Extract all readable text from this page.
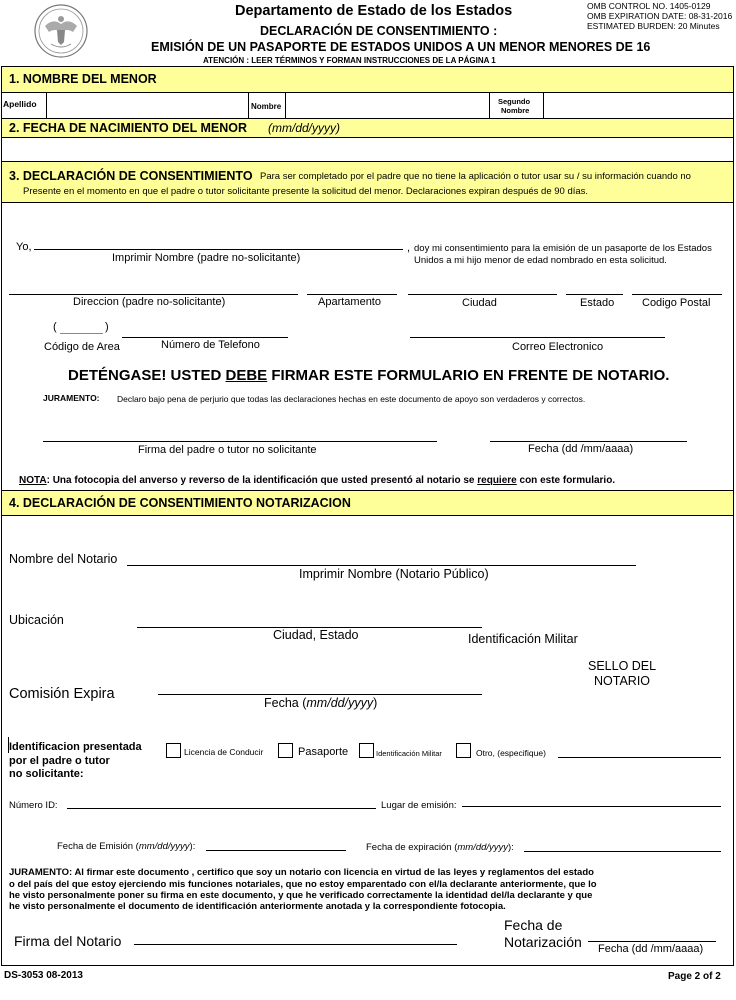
Departamento de Estado de los Estados
DECLARACIÓN DE CONSENTIMIENTO :
EMISIÓN DE UN PASAPORTE DE ESTADOS UNIDOS A UN MENOR MENORES DE 16
ATENCIÓN : LEER TÉRMINOS Y FORMAN INSTRUCCIONES DE LA PÁGINA 1
OMB CONTROL NO. 1405-0129
OMB EXPIRATION DATE: 08-31-2016
ESTIMATED BURDEN: 20 Minutes
1. NOMBRE DEL MENOR
Apellido	Nombre
Segundo
Nombre
2. FECHA DE NACIMIENTO DEL MENOR (mm/dd/yyyy)
3. DECLARACIÓN DE CONSENTIMIENTO Para ser completado por el padre que no tiene la aplicación o tutor usar su / su información cuando no
Presente en el momento en que el padre o tutor solicitante presente la solicitud del menor. Declaraciones expiran después de 90 días.
Yo,
Imprimir Nombre (padre no-solicitante)
, doy mi consentimiento para la emisión de un pasaporte de los Estados
Unidos a mi hijo menor de edad nombrado en esta solicitud.
Direccion (padre no-solicitante)	Apartamento	Ciudad	Estado	Codigo Postal
(	)
Código de Area	Número de Telefono	Correo Electronico
DETÉNGASE! USTED DEBE FIRMAR ESTE FORMULARIO EN FRENTE DE NOTARIO.
JURAMENTO: Declaro bajo pena de perjurio que todas las declaraciones hechas en este documento de apoyo son verdaderos y correctos.
Firma del padre o tutor no solicitante	Fecha (dd /mm/aaaa)
NOTA: Una fotocopia del anverso y reverso de la identificación que usted presentó al notario se requiere con este formulario.
4. DECLARACIÓN DE CONSENTIMIENTO NOTARIZACION
Nombre del Notario
Imprimir Nombre (Notario Público)
Ubicación
Ciudad, Estado	Identificación Militar
SELLO DEL
NOTARIO
Comisión Expira
Fecha (mm/dd/yyyy)
Identificacion presentada
por el padre o tutor
no solicitante:
Licencia de Conducir	Pasaporte	Identificación Militar	Otro, (especifique)
Número ID:	Lugar de emisión:
Fecha de Emisión (mm/dd/yyyy):	Fecha de expiración (mm/dd/yyyy):
JURAMENTO: Al firmar este documento , certifico que soy un notario con licencia en virtud de las leyes y reglamentos del estado
o del país del que estoy ejerciendo mis funciones notariales, que no estoy emparentado con el/la declarante anteriormente, que lo
he visto personalmente poner su firma en este documento, y que he verificado correctamente la identidad del/la declarante y que
he visto personalmente el documento de identificación anteriormente anotada y la correspondiente fotocopia.
Firma del Notario
Fecha de
Notarización Fecha (dd /mm/aaaa)
DS-3053 08-2013	Page 2 of 2
